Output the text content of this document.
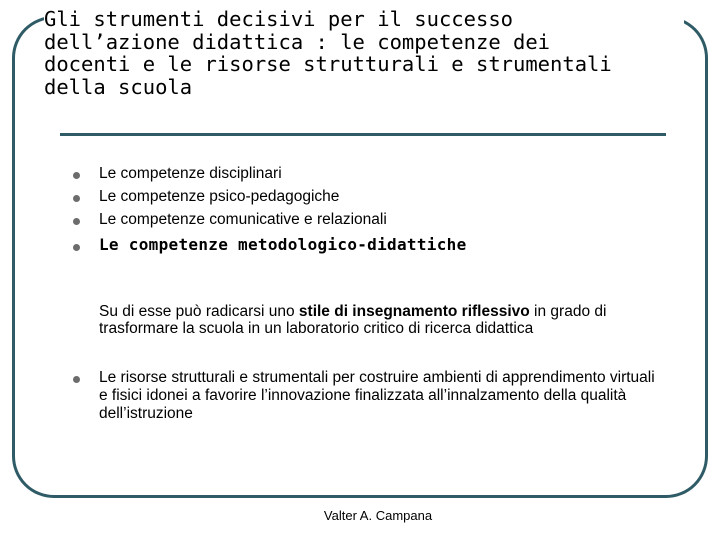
Gli strumenti decisivi per il successo
dell’azione didattica : le competenze dei
docenti e le risorse strutturali e strumentali
della scuola
Le competenze disciplinari
Le competenze psico-pedagogiche
Le competenze comunicative e relazionali
Le competenze metodologico-didattiche
Le risorse strutturali e strumentali per costruire ambienti di apprendimento virtuali e fisici idonei a favorire l’innovazione finalizzata all’innalzamento della qualità dell’istruzione

Su di esse può radicarsi uno stile di insegnamento riflessivo in grado di trasformare la scuola in un laboratorio critico di ricerca didattica

Valter A. Campana
